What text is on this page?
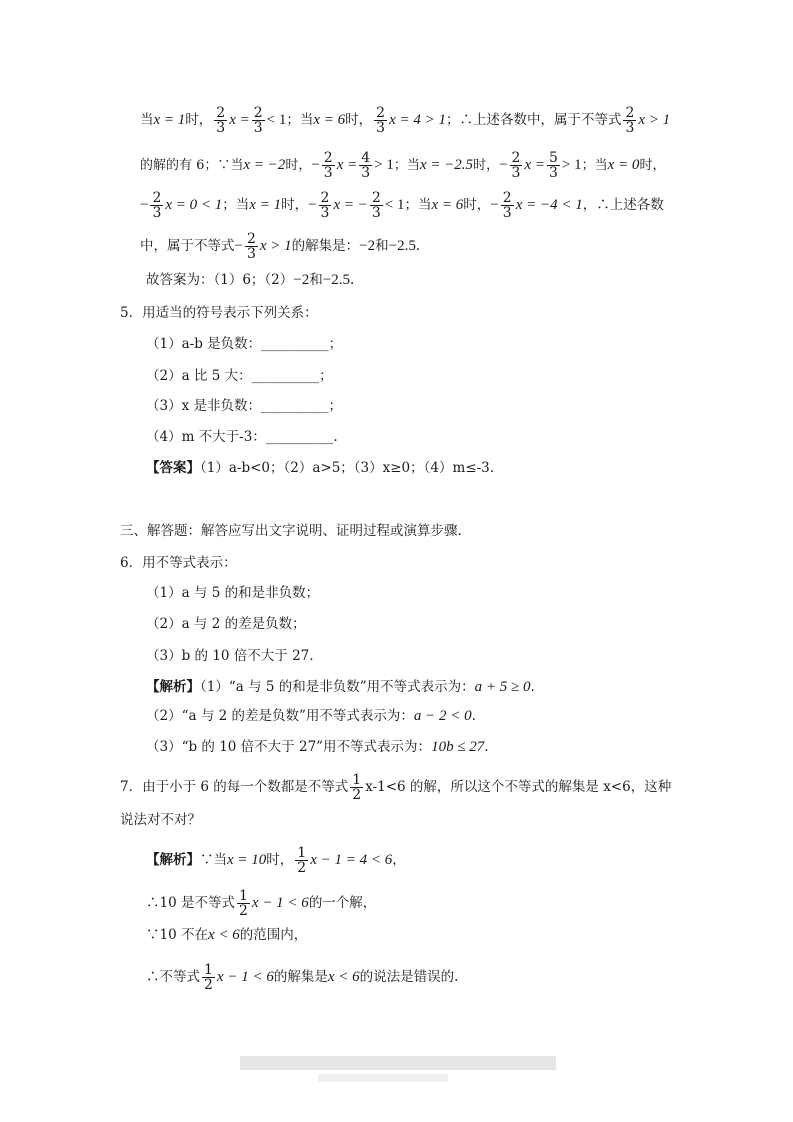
当x = 1时， $\frac{2}{3}$ $x = \frac{2}{3} < 1$；当x = 6时， $\frac{2}{3}$ x = 4 > 1；∴上述各数中，属于不等式 $\frac{2}{3}$ x > 1
的解的有 6；∵当x = −2时，− $\frac{2}{3}$ $x = \frac{4}{3} > 1$；当x = −2.5时，− $\frac{2}{3}$ $x = \frac{5}{3} > 1$；当x = 0时，
− $\frac{2}{3}$ x = 0 < 1；当x = 1时，− $\frac{2}{3}$ x = − $\frac{2}{3} < 1$；当x = 6时，− $\frac{2}{3}$ x = −4 < 1，∴上述各数
中，属于不等式− $\frac{2}{3}$ x > 1的解集是：−2和−2.5.
故答案为：（1）6；（2）−2和−2.5.
5．用适当的符号表示下列关系：
（1）a-b 是负数：__________；
（2）a 比 5 大：__________；
（3）x 是非负数：__________；
（4）m 不大于-3：__________.
【答案】（1）a-b<0；（2）a>5；（3）x≥0；（4）m≤-3.
三、解答题：解答应写出文字说明、证明过程或演算步骤.
6．用不等式表示：
（1）a 与 5 的和是非负数；
（2）a 与 2 的差是负数；
（3）b 的 10 倍不大于 27.
【解析】（1）“a 与 5 的和是非负数”用不等式表示为：a + 5 ≥ 0.
（2）“a 与 2 的差是负数”用不等式表示为：a − 2 < 0.
（3）“b 的 10 倍不大于 27”用不等式表示为：10b ≤ 27.
7．由于小于 6 的每一个数都是不等式 $\frac{1}{2} x-1<6$ 的解，所以这个不等式的解集是 x<6，这种
说法对不对？
【解析】∵当x = 10时， $\frac{1}{2}$ x − 1 = 4 < 6，
∴10 是不等式 $\frac{1}{2}$ x − 1 < 6的一个解，
∵10 不在x < 6的范围内，
∴不等式 $\frac{1}{2}$ x − 1 < 6的解集是x < 6的说法是错误的.
